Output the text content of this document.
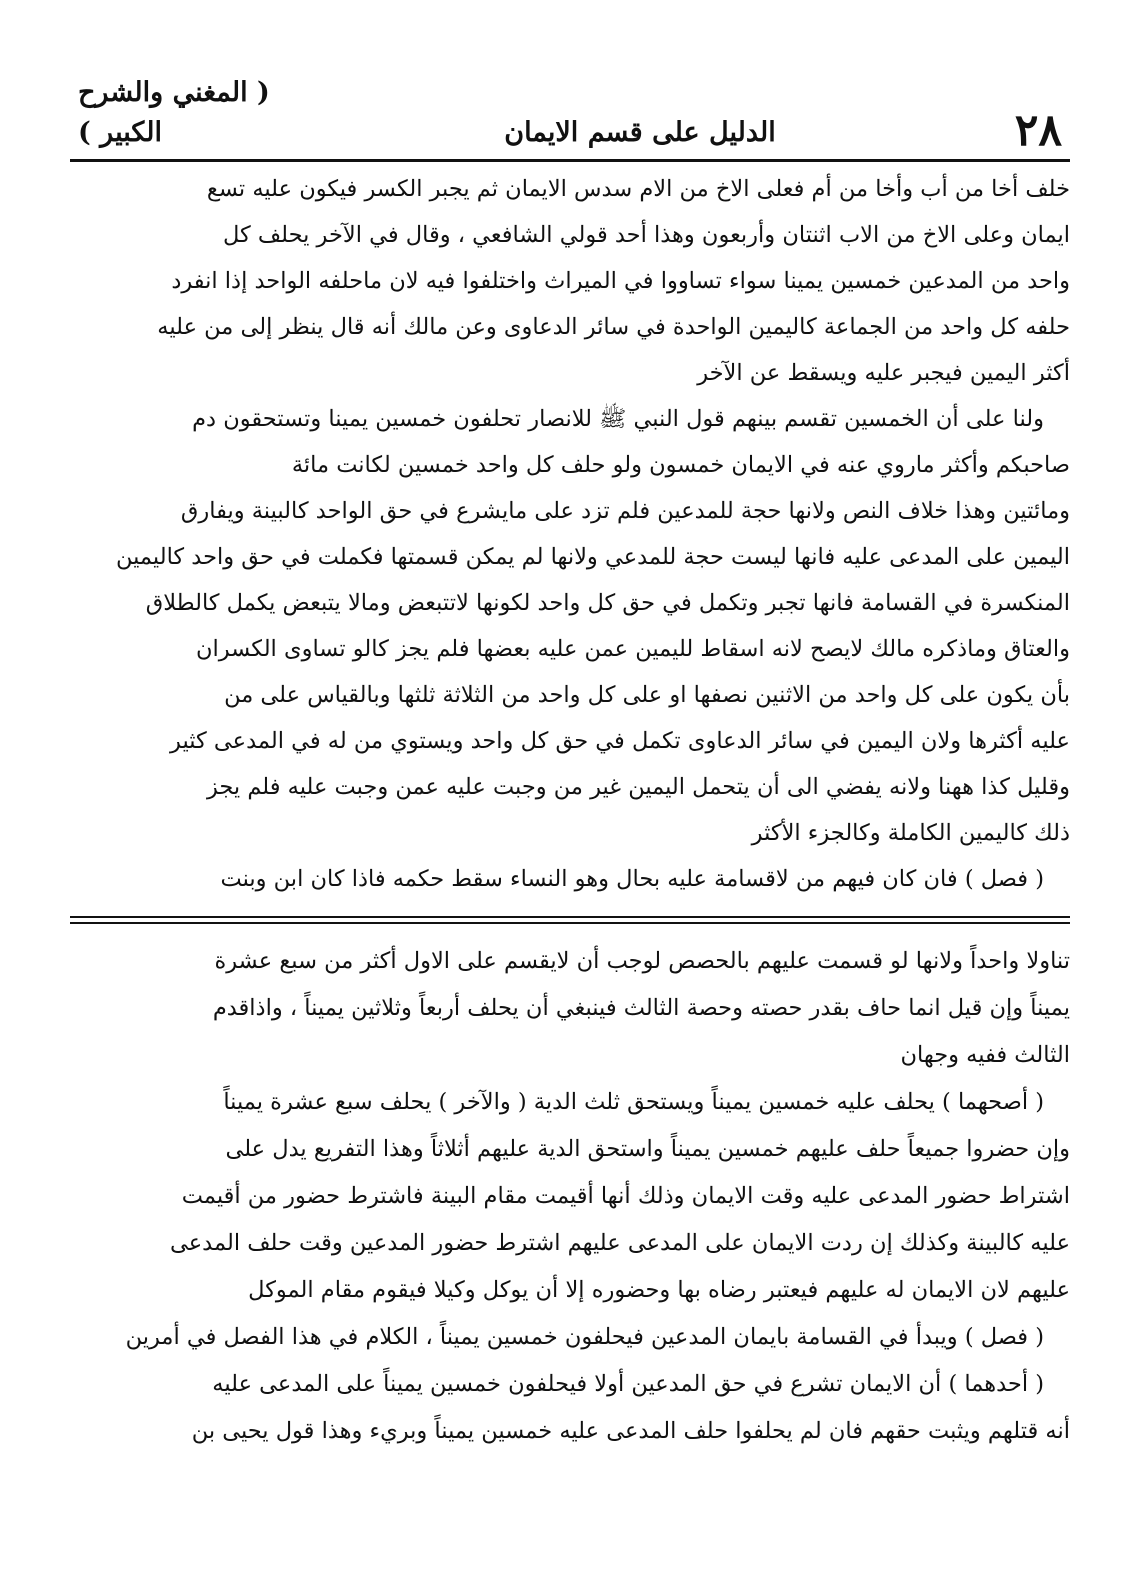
٢٨
الدليل على قسم الايمان
( المغني والشرح الكبير )

خلف أخا من أب وأخا من أم فعلى الاخ من الام سدس الايمان ثم يجبر الكسر فيكون عليه تسع

ايمان وعلى الاخ من الاب اثنتان وأربعون وهذا أحد قولي الشافعي ، وقال في الآخر يحلف كل

واحد من المدعين خمسين يمينا سواء تساووا في الميراث واختلفوا فيه لان ماحلفه الواحد إذا انفرد

حلفه كل واحد من الجماعة كاليمين الواحدة في سائر الدعاوى وعن مالك أنه قال ينظر إلى من عليه

أكثر اليمين فيجبر عليه ويسقط عن الآخر

ولنا على أن الخمسين تقسم بينهم قول النبي ﷺ للانصار تحلفون خمسين يمينا وتستحقون دم

صاحبكم وأكثر ماروي عنه في الايمان خمسون ولو حلف كل واحد خمسين لكانت مائة

ومائتين وهذا خلاف النص ولانها حجة للمدعين فلم تزد على مايشرع في حق الواحد كالبينة ويفارق

اليمين على المدعى عليه فانها ليست حجة للمدعي ولانها لم يمكن قسمتها فكملت في حق واحد كاليمين

المنكسرة في القسامة فانها تجبر وتكمل في حق كل واحد لكونها لاتتبعض ومالا يتبعض يكمل كالطلاق

والعتاق وماذكره مالك لايصح لانه اسقاط لليمين عمن عليه بعضها فلم يجز كالو تساوى الكسران

بأن يكون على كل واحد من الاثنين نصفها او على كل واحد من الثلاثة ثلثها وبالقياس على من

عليه أكثرها ولان اليمين في سائر الدعاوى تكمل في حق كل واحد ويستوي من له في المدعى كثير

وقليل كذا ههنا ولانه يفضي الى أن يتحمل اليمين غير من وجبت عليه عمن وجبت عليه فلم يجز

ذلك كاليمين الكاملة وكالجزء الأكثر

( فصل ) فان كان فيهم من لاقسامة عليه بحال وهو النساء سقط حكمه فاذا كان ابن وبنت

تناولا واحداً ولانها لو قسمت عليهم بالحصص لوجب أن لايقسم على الاول أكثر من سبع عشرة

يميناً وإن قيل انما حاف بقدر حصته وحصة الثالث فينبغي أن يحلف أربعاً وثلاثين يميناً ، واذاقدم

الثالث ففيه وجهان

( أصحهما ) يحلف عليه خمسين يميناً ويستحق ثلث الدية ( والآخر ) يحلف سبع عشرة يميناً

وإن حضروا جميعاً حلف عليهم خمسين يميناً واستحق الدية عليهم أثلاثاً وهذا التفريع يدل على

اشتراط حضور المدعى عليه وقت الايمان وذلك أنها أقيمت مقام البينة فاشترط حضور من أقيمت

عليه كالبينة وكذلك إن ردت الايمان على المدعى عليهم اشترط حضور المدعين وقت حلف المدعى

عليهم لان الايمان له عليهم فيعتبر رضاه بها وحضوره إلا أن يوكل وكيلا فيقوم مقام الموكل

( فصل ) ويبدأ في القسامة بايمان المدعين فيحلفون خمسين يميناً ، الكلام في هذا الفصل في أمرين

( أحدهما ) أن الايمان تشرع في حق المدعين أولا فيحلفون خمسين يميناً على المدعى عليه

أنه قتلهم ويثبت حقهم فان لم يحلفوا حلف المدعى عليه خمسين يميناً وبريء وهذا قول يحيى بن
